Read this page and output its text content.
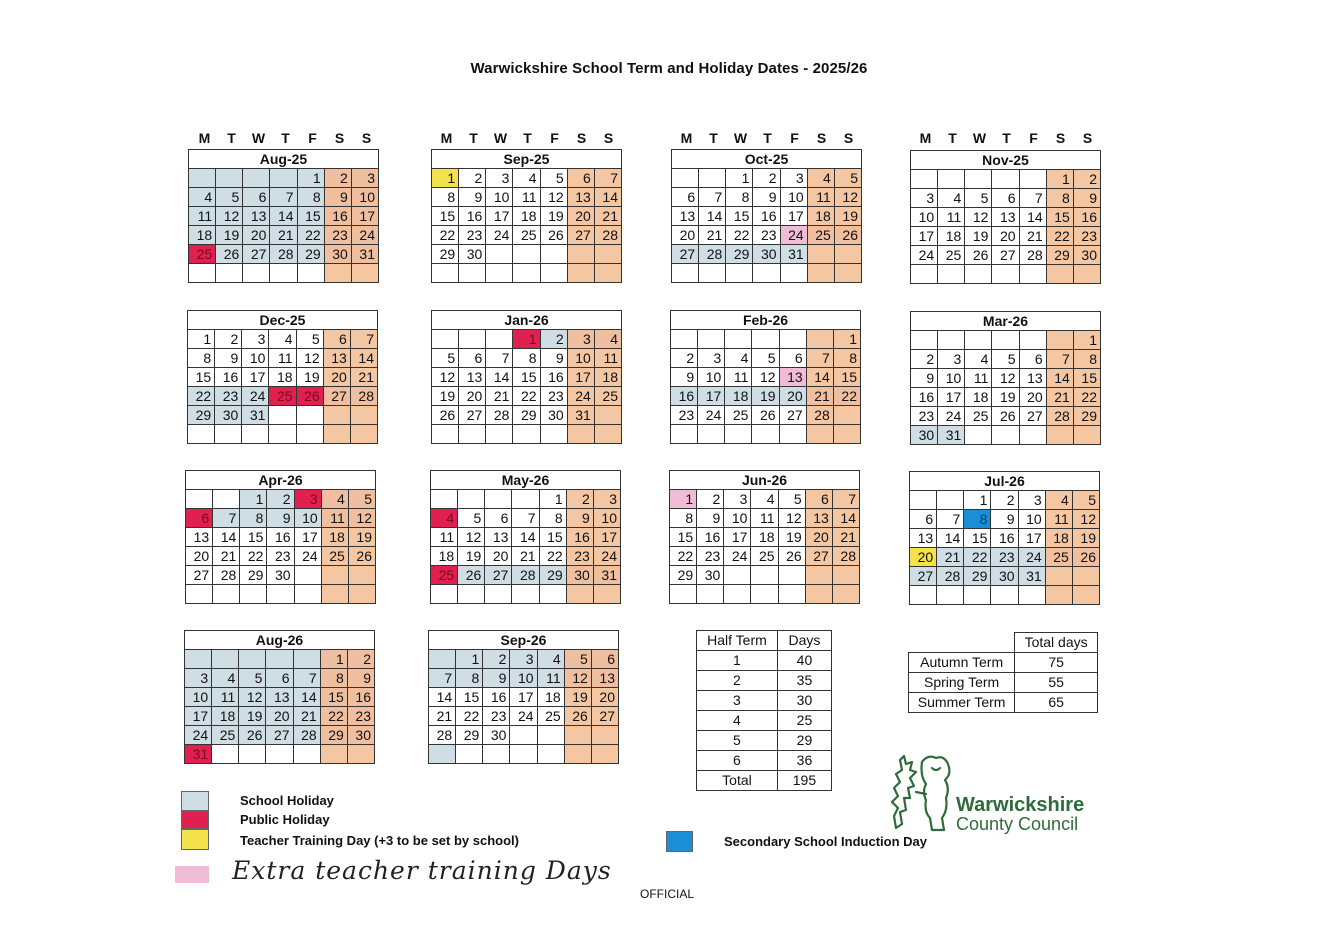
Warwickshire School Term and Holiday Dates - 2025/26
M	T	W	T	F	S	S	M	T	W	T	F	S	S	M	T	W	T	F	S	S	M	T	W	T	F	S	S
Aug-25
				1	2	3
4	5	6	7	8	9	10
11	12	13	14	15	16	17
18	19	20	21	22	23	24
25	26	27	28	29	30	31

Sep-25
1	2	3	4	5	6	7
8	9	10	11	12	13	14
15	16	17	18	19	20	21
22	23	24	25	26	27	28
29	30					

Oct-25
		1	2	3	4	5
6	7	8	9	10	11	12
13	14	15	16	17	18	19
20	21	22	23	24	25	26
27	28	29	30	31		

Nov-25
					1	2
3	4	5	6	7	8	9
10	11	12	13	14	15	16
17	18	19	20	21	22	23
24	25	26	27	28	29	30

Dec-25
1	2	3	4	5	6	7
8	9	10	11	12	13	14
15	16	17	18	19	20	21
22	23	24	25	26	27	28
29	30	31				

Jan-26
			1	2	3	4
5	6	7	8	9	10	11
12	13	14	15	16	17	18
19	20	21	22	23	24	25
26	27	28	29	30	31	

Feb-26
						1
2	3	4	5	6	7	8
9	10	11	12	13	14	15
16	17	18	19	20	21	22
23	24	25	26	27	28	

Mar-26
						1
2	3	4	5	6	7	8
9	10	11	12	13	14	15
16	17	18	19	20	21	22
23	24	25	26	27	28	29
30	31					
Apr-26
		1	2	3	4	5
6	7	8	9	10	11	12
13	14	15	16	17	18	19
20	21	22	23	24	25	26
27	28	29	30			

May-26
				1	2	3
4	5	6	7	8	9	10
11	12	13	14	15	16	17
18	19	20	21	22	23	24
25	26	27	28	29	30	31

Jun-26
1	2	3	4	5	6	7
8	9	10	11	12	13	14
15	16	17	18	19	20	21
22	23	24	25	26	27	28
29	30					

Jul-26
		1	2	3	4	5
6	7	8	9	10	11	12
13	14	15	16	17	18	19
20	21	22	23	24	25	26
27	28	29	30	31		

Aug-26
					1	2
3	4	5	6	7	8	9
10	11	12	13	14	15	16
17	18	19	20	21	22	23
24	25	26	27	28	29	30
31						
Sep-26
	1	2	3	4	5	6
7	8	9	10	11	12	13
14	15	16	17	18	19	20
21	22	23	24	25	26	27
28	29	30				

Half Term	Days
1	40
2	35
3	30
4	25
5	29
6	36
Total	195
	Total days
Autumn Term	75
Spring Term	55
Summer Term	65
School Holiday
Public Holiday
Teacher Training Day (+3 to be set by school)	Secondary School Induction Day
Extra teacher training Days
OFFICIAL
Warwickshire
County Council
